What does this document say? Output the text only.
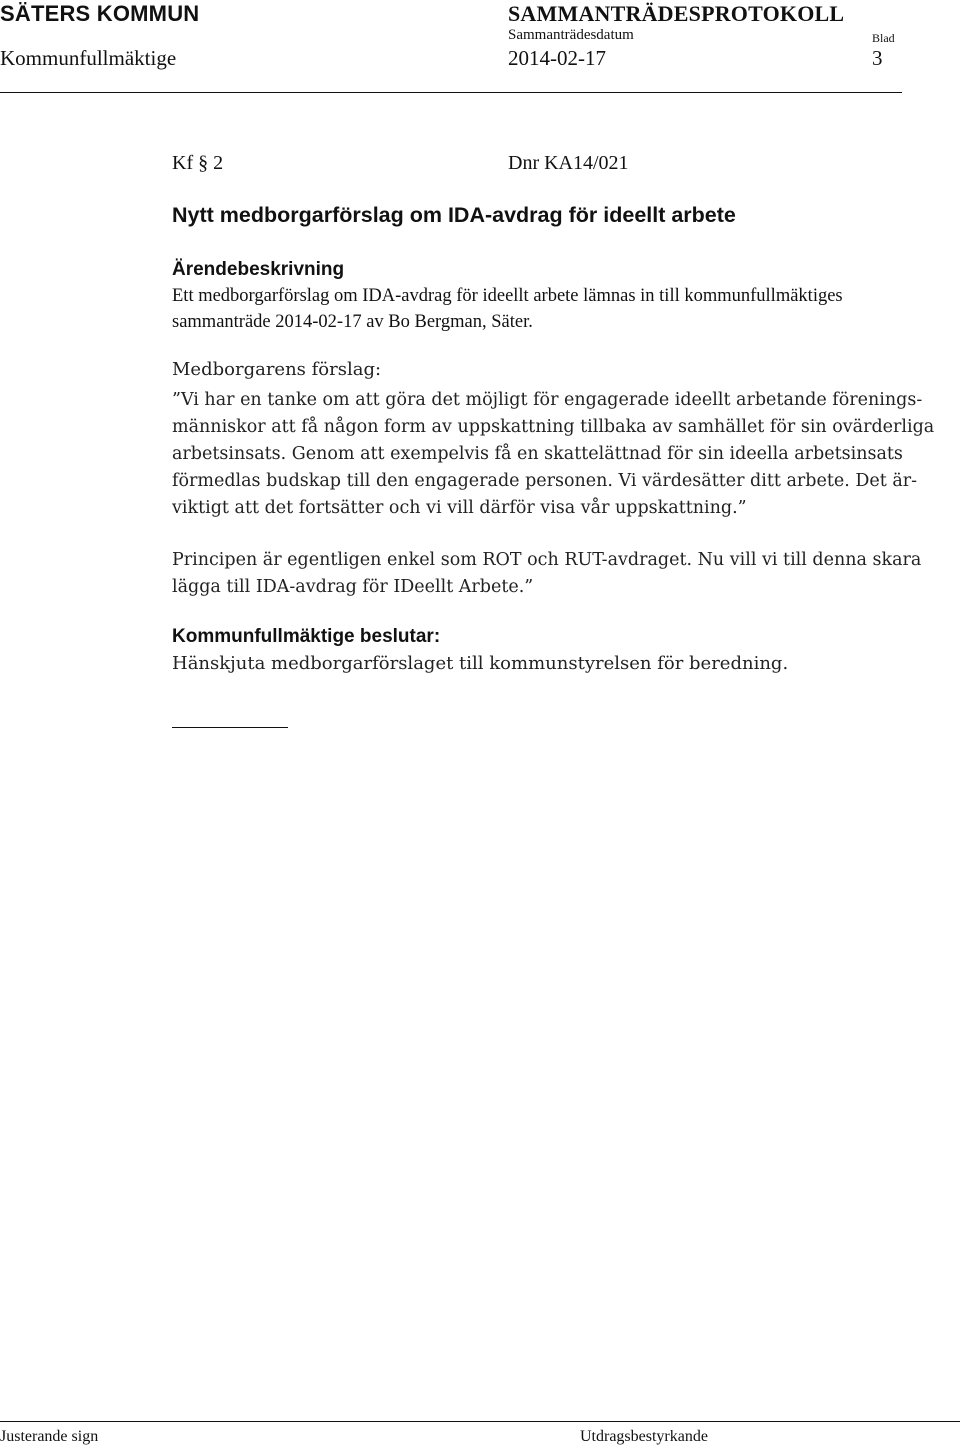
SÄTERS KOMMUN	SAMMANTRÄDESPROTOKOLL
Sammanträdesdatum	Blad
Kommunfullmäktige	2014-02-17	3
Kf § 2	Dnr KA14/021
Nytt medborgarförslag om IDA-avdrag för ideellt arbete
Ärendebeskrivning
Ett medborgarförslag om IDA-avdrag för ideellt arbete lämnas in till kommunfullmäktiges
sammanträde 2014-02-17 av Bo Bergman, Säter.
Medborgarens förslag:
”Vi har en tanke om att göra det möjligt för engagerade ideellt arbetande förenings-
människor att få någon form av uppskattning tillbaka av samhället för sin ovärderliga
arbetsinsats. Genom att exempelvis få en skattelättnad för sin ideella arbetsinsats
förmedlas budskap till den engagerade personen. Vi värdesätter ditt arbete. Det är-
viktigt att det fortsätter och vi vill därför visa vår uppskattning.”
Principen är egentligen enkel som ROT och RUT-avdraget. Nu vill vi till denna skara
lägga till IDA-avdrag för IDeellt Arbete.”
Kommunfullmäktige beslutar:
Hänskjuta medborgarförslaget till kommunstyrelsen för beredning.
Justerande sign	Utdragsbestyrkande
